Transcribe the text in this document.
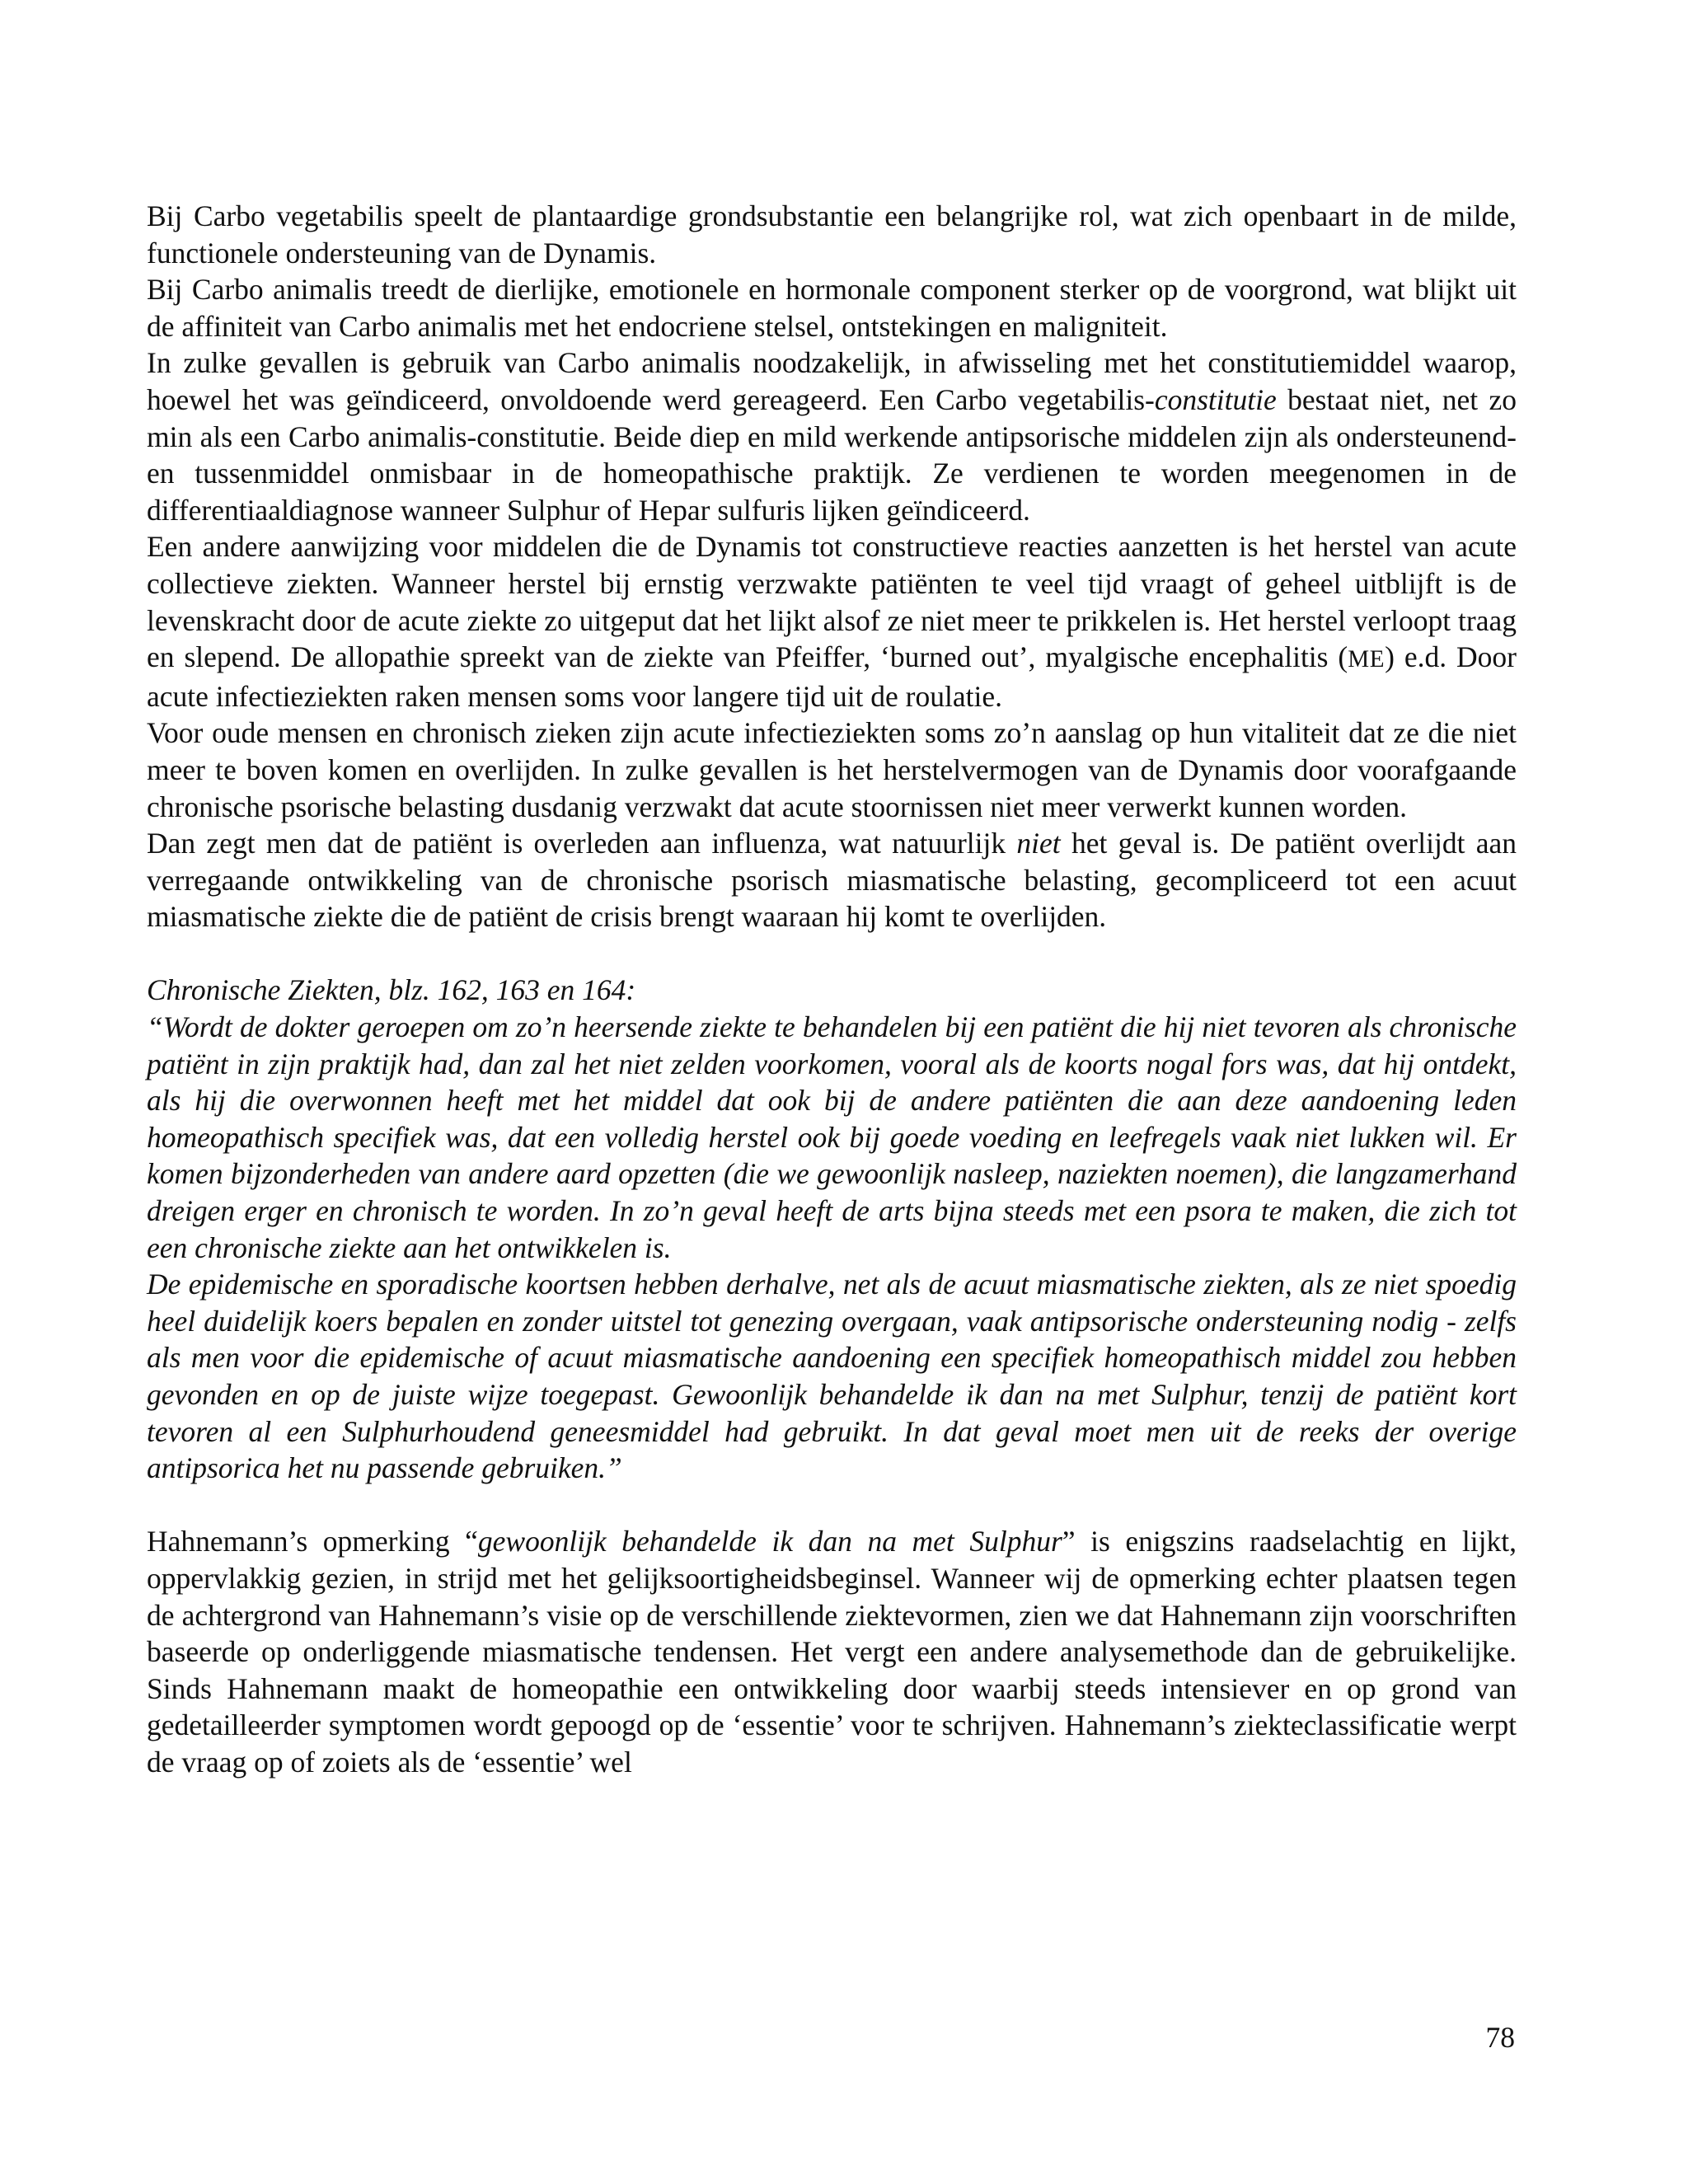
Bij Carbo vegetabilis speelt de plantaardige grondsubstantie een belangrijke rol, wat zich openbaart in de milde, functionele ondersteuning van de Dynamis.

Bij Carbo animalis treedt de dierlijke, emotionele en hormonale component sterker op de voorgrond, wat blijkt uit de affiniteit van Carbo animalis met het endocriene stelsel, ontstekingen en maligniteit.

In zulke gevallen is gebruik van Carbo animalis noodzakelijk, in afwisseling met het constitutiemiddel waarop, hoewel het was geïndiceerd, onvoldoende werd gereageerd. Een Carbo vegetabilis-constitutie bestaat niet, net zo min als een Carbo animalis-constitutie. Beide diep en mild werkende antipsorische middelen zijn als ondersteunend- en tussenmiddel onmisbaar in de homeopathische praktijk. Ze verdienen te worden meegenomen in de differentiaaldiagnose wanneer Sulphur of Hepar sulfuris lijken geïndiceerd.

Een andere aanwijzing voor middelen die de Dynamis tot constructieve reacties aanzetten is het herstel van acute collectieve ziekten. Wanneer herstel bij ernstig verzwakte patiënten te veel tijd vraagt of geheel uitblijft is de levenskracht door de acute ziekte zo uitgeput dat het lijkt alsof ze niet meer te prikkelen is. Het herstel verloopt traag en slepend. De allopathie spreekt van de ziekte van Pfeiffer, ‘burned out’, myalgische encephalitis (ME) e.d. Door acute infectieziekten raken mensen soms voor langere tijd uit de roulatie.

Voor oude mensen en chronisch zieken zijn acute infectieziekten soms zo’n aanslag op hun vitaliteit dat ze die niet meer te boven komen en overlijden. In zulke gevallen is het herstelvermogen van de Dynamis door voorafgaande chronische psorische belasting dusdanig verzwakt dat acute stoornissen niet meer verwerkt kunnen worden.

Dan zegt men dat de patiënt is overleden aan influenza, wat natuurlijk niet het geval is. De patiënt overlijdt aan verregaande ontwikkeling van de chronische psorisch miasmatische belasting, gecompliceerd tot een acuut miasmatische ziekte die de patiënt de crisis brengt waaraan hij komt te overlijden.

Chronische Ziekten, blz. 162, 163 en 164:

“Wordt de dokter geroepen om zo’n heersende ziekte te behandelen bij een patiënt die hij niet tevoren als chronische patiënt in zijn praktijk had, dan zal het niet zelden voorkomen, vooral als de koorts nogal fors was, dat hij ontdekt, als hij die overwonnen heeft met het middel dat ook bij de andere patiënten die aan deze aandoening leden homeopathisch specifiek was, dat een volledig herstel ook bij goede voeding en leefregels vaak niet lukken wil. Er komen bijzonderheden van andere aard opzetten (die we gewoonlijk nasleep, naziekten noemen), die langzamerhand dreigen erger en chronisch te worden. In zo’n geval heeft de arts bijna steeds met een psora te maken, die zich tot een chronische ziekte aan het ontwikkelen is.

De epidemische en sporadische koortsen hebben derhalve, net als de acuut miasmatische ziekten, als ze niet spoedig heel duidelijk koers bepalen en zonder uitstel tot genezing overgaan, vaak antipsorische ondersteuning nodig - zelfs als men voor die epidemische of acuut miasmatische aandoening een specifiek homeopathisch middel zou hebben gevonden en op de juiste wijze toegepast. Gewoonlijk behandelde ik dan na met Sulphur, tenzij de patiënt kort tevoren al een Sulphurhoudend geneesmiddel had gebruikt. In dat geval moet men uit de reeks der overige antipsorica het nu passende gebruiken.”

Hahnemann’s opmerking “gewoonlijk behandelde ik dan na met Sulphur” is enigszins raadselachtig en lijkt, oppervlakkig gezien, in strijd met het gelijksoortigheidsbeginsel. Wanneer wij de opmerking echter plaatsen tegen de achtergrond van Hahnemann’s visie op de verschillende ziektevormen, zien we dat Hahnemann zijn voorschriften baseerde op onderliggende miasmatische tendensen. Het vergt een andere analysemethode dan de gebruikelijke. Sinds Hahnemann maakt de homeopathie een ontwikkeling door waarbij steeds intensiever en op grond van gedetailleerder symptomen wordt gepoogd op de ‘essentie’ voor te schrijven. Hahnemann’s ziekteclassificatie werpt de vraag op of zoiets als de ‘essentie’ wel

78
